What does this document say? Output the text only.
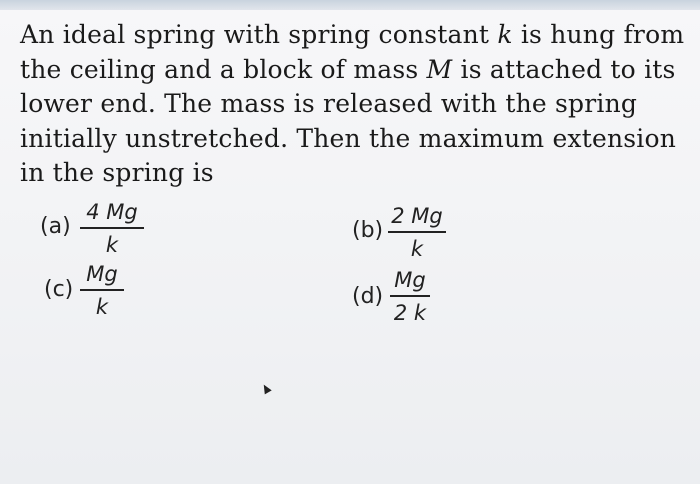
An ideal spring with spring constant k is hung from
the ceiling and a block of mass M is attached to its
lower end. The mass is released with the spring
initially unstretched. Then the maximum extension
in the spring is
(a)
4 Mg
k
(b)
2 Mg
k
(c)
Mg
k	(d)
Mg
2 k
